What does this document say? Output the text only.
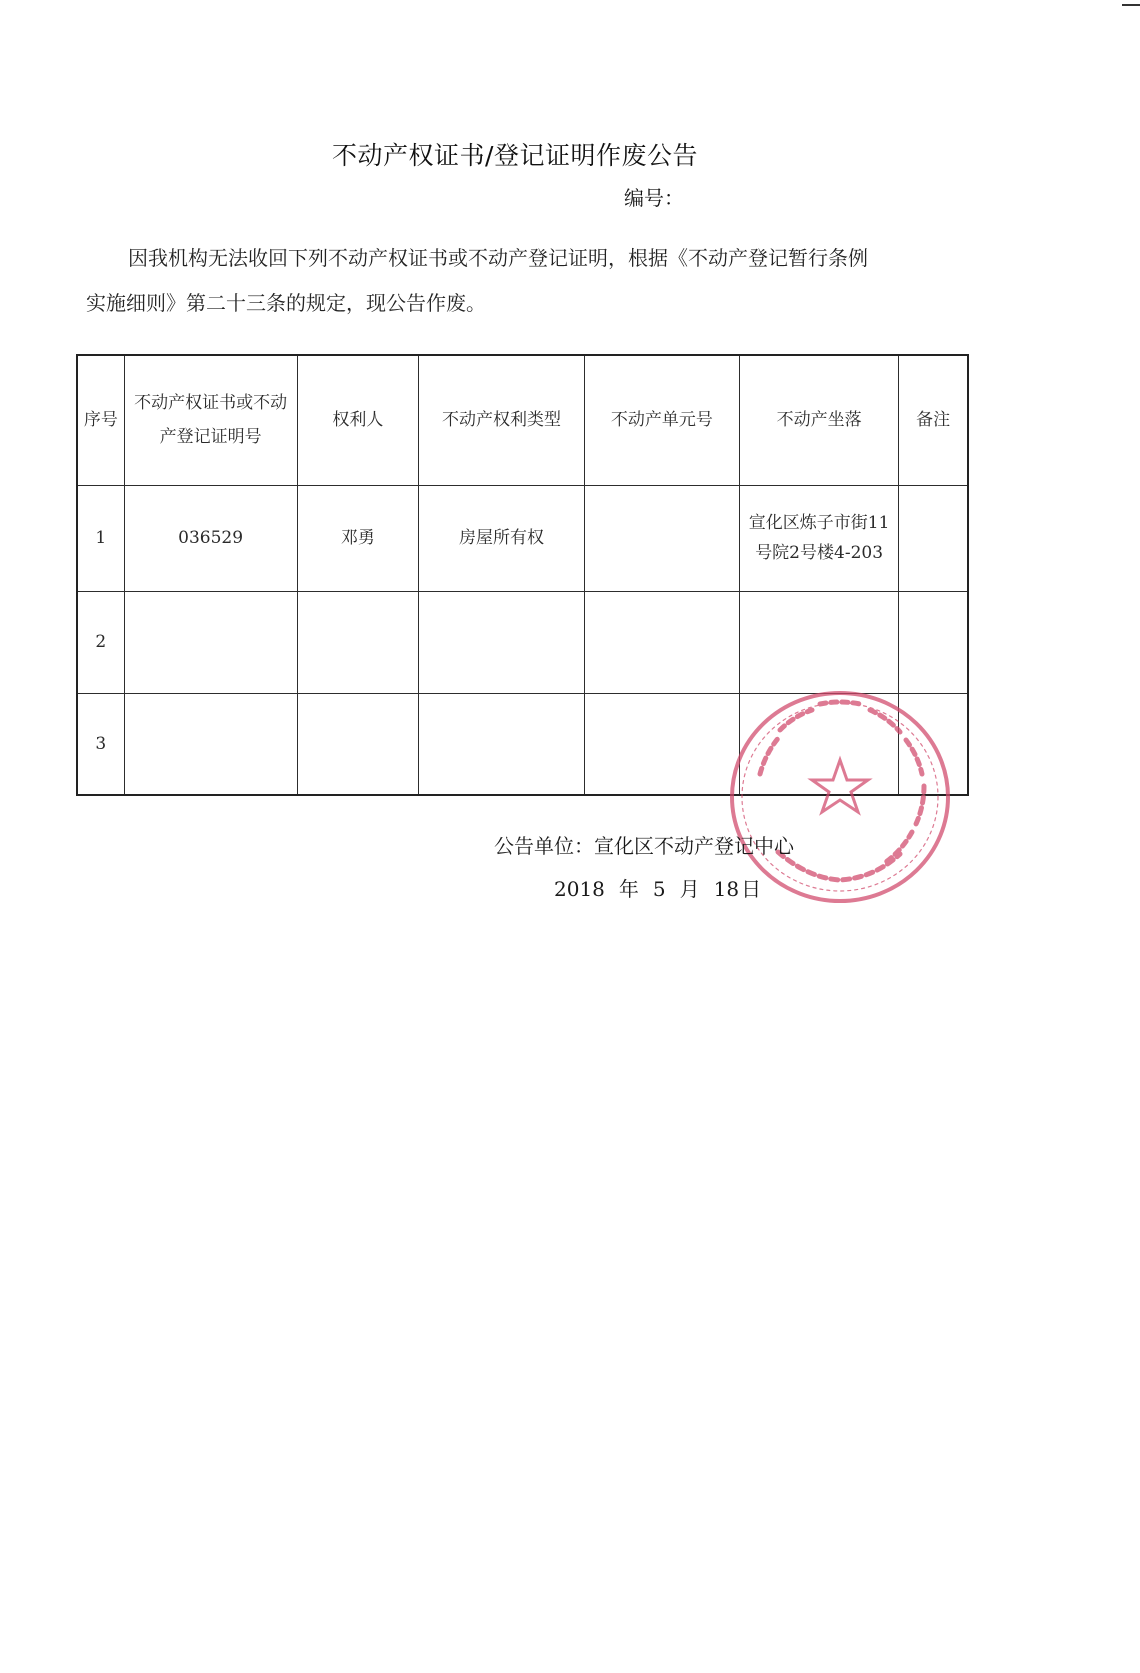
不动产权证书/登记证明作废公告
编号：
因我机构无法收回下列不动产权证书或不动产登记证明，根据《不动产登记暂行条例
实施细则》第二十三条的规定，现公告作废。
序号	不动产权证书或不动产登记证明号	权利人	不动产权利类型	不动产单元号	不动产坐落	备注
1	036529	邓勇	房屋所有权		宣化区炼子市街11号院2号楼4-203	
2						
3						
公告单位：宣化区不动产登记中心
2018 年 5 月 18 日
